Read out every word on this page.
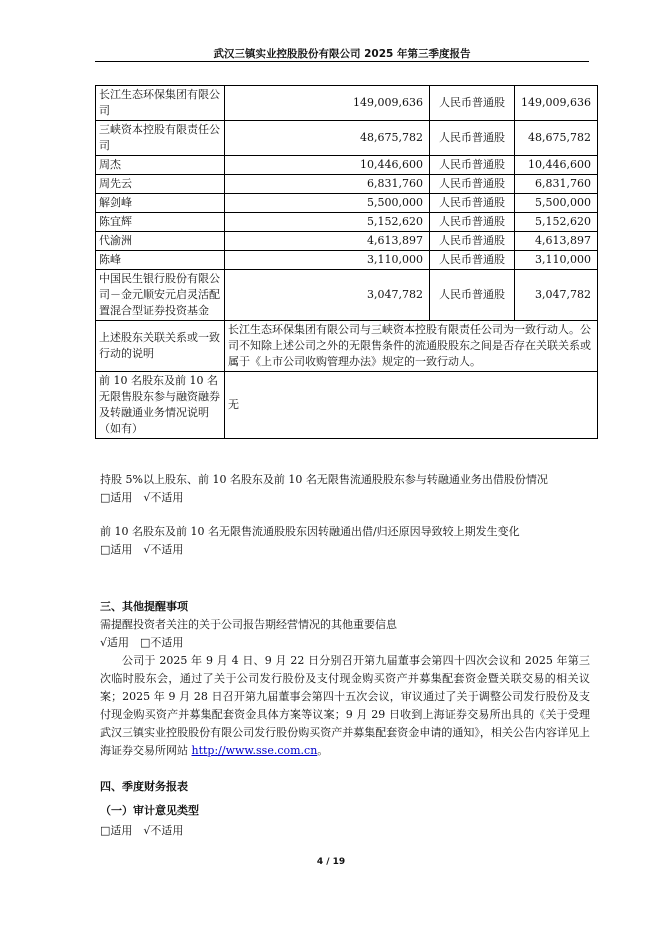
武汉三镇实业控股股份有限公司 2025 年第三季度报告
长江生态环保集团有限公司	149,009,636	人民币普通股	149,009,636
三峡资本控股有限责任公司	48,675,782	人民币普通股	48,675,782
周杰	10,446,600	人民币普通股	10,446,600
周先云	6,831,760	人民币普通股	6,831,760
解剑峰	5,500,000	人民币普通股	5,500,000
陈宜辉	5,152,620	人民币普通股	5,152,620
代渝洲	4,613,897	人民币普通股	4,613,897
陈峰	3,110,000	人民币普通股	3,110,000
中国民生银行股份有限公司－金元顺安元启灵活配置混合型证券投资基金	3,047,782	人民币普通股	3,047,782
上述股东关联关系或一致行动的说明	长江生态环保集团有限公司与三峡资本控股有限责任公司为一致行动人。公司不知除上述公司之外的无限售条件的流通股股东之间是否存在关联关系或属于《上市公司收购管理办法》规定的一致行动人。		
前 10 名股东及前 10 名无限售股东参与融资融券及转融通业务情况说明（如有）	无		
持股 5%以上股东、前 10 名股东及前 10 名无限售流通股股东参与转融通业务出借股份情况
□适用　√不适用
前 10 名股东及前 10 名无限售流通股股东因转融通出借/归还原因导致较上期发生变化
□适用　√不适用
三、其他提醒事项
需提醒投资者关注的关于公司报告期经营情况的其他重要信息
√适用　□不适用
公司于 2025 年 9 月 4 日、9 月 22 日分别召开第九届董事会第四十四次会议和 2025 年第三次临时股东会，通过了关于公司发行股份及支付现金购买资产并募集配套资金暨关联交易的相关议案；2025 年 9 月 28 日召开第九届董事会第四十五次会议，审议通过了关于调整公司发行股份及支付现金购买资产并募集配套资金具体方案等议案；9 月 29 日收到上海证券交易所出具的《关于受理武汉三镇实业控股股份有限公司发行股份购买资产并募集配套资金申请的通知》，相关公告内容详见上海证券交易所网站 http://www.sse.com.cn。
四、季度财务报表
（一）审计意见类型
□适用　√不适用
4 / 19
